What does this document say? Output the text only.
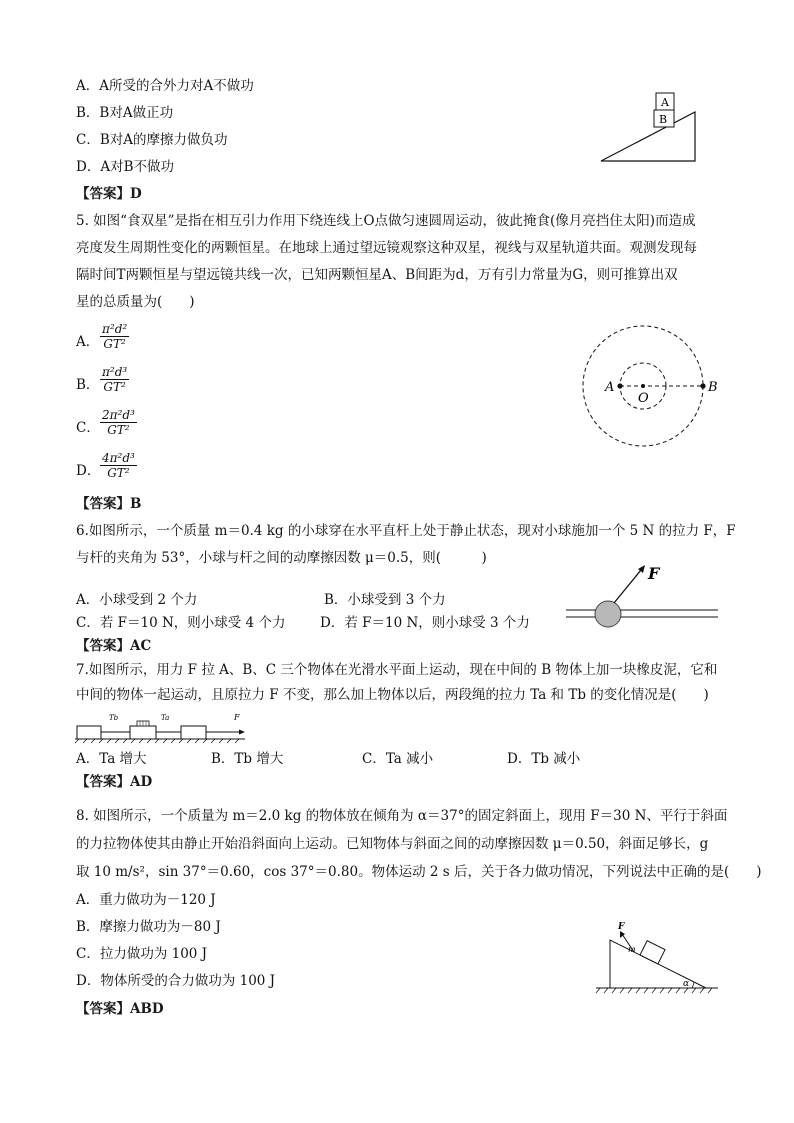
A．A所受的合外力对A不做功
B．B对A做正功
C．B对A的摩擦力做负功
D．A对B不做功
【答案】D
A
B
5. 如图“食双星”是指在相互引力作用下绕连线上O点做匀速圆周运动，彼此掩食(像月亮挡住太阳)而造成
亮度发生周期性变化的两颗恒星。在地球上通过望远镜观察这种双星，视线与双星轨道共面。观测发现每
隔时间T两颗恒星与望远镜共线一次，已知两颗恒星A、B间距为d，万有引力常量为G，则可推算出双
星的总质量为(　　)
A． $\frac{\text{π²d²}}{\text{GT²}}$
B． $\frac{\text{π²d³}}{\text{GT²}}$
C． $\frac{\text{2π²d³}}{\text{GT²}}$
D． $\frac{\text{4π²d³}}{\text{GT²}}$
【答案】B
A
O
B
6.如图所示，一个质量 m＝0.4 kg 的小球穿在水平直杆上处于静止状态，现对小球施加一个 5 N 的拉力 F，F
与杆的夹角为 53°，小球与杆之间的动摩擦因数 μ＝0.5，则(　　　)
A．小球受到 2 个力	B．小球受到 3 个力
C．若 F＝10 N，则小球受 4 个力	D．若 F＝10 N，则小球受 3 个力
【答案】AC
F
7.如图所示，用力 F 拉 A、B、C 三个物体在光滑水平面上运动，现在中间的 B 物体上加一块橡皮泥，它和
中间的物体一起运动，且原拉力 F 不变，那么加上物体以后，两段绳的拉力 Ta 和 Tb 的变化情况是(　　)
Tb	Ta	F
A．Ta 增大	B．Tb 增大	C．Ta 减小	D．Tb 减小
【答案】AD
8. 如图所示，一个质量为 m＝2.0 kg 的物体放在倾角为 α＝37°的固定斜面上，现用 F＝30 N、平行于斜面
的力拉物体使其由静止开始沿斜面向上运动。已知物体与斜面之间的动摩擦因数 μ＝0.50，斜面足够长，g
取 10 m/s²，sin 37°＝0.60，cos 37°＝0.80。物体运动 2 s 后，关于各力做功情况，下列说法中正确的是(　　)
A．重力做功为－120 J
B．摩擦力做功为－80 J
C．拉力做功为 100 J
D．物体所受的合力做功为 100 J
【答案】ABD
F
m
α
